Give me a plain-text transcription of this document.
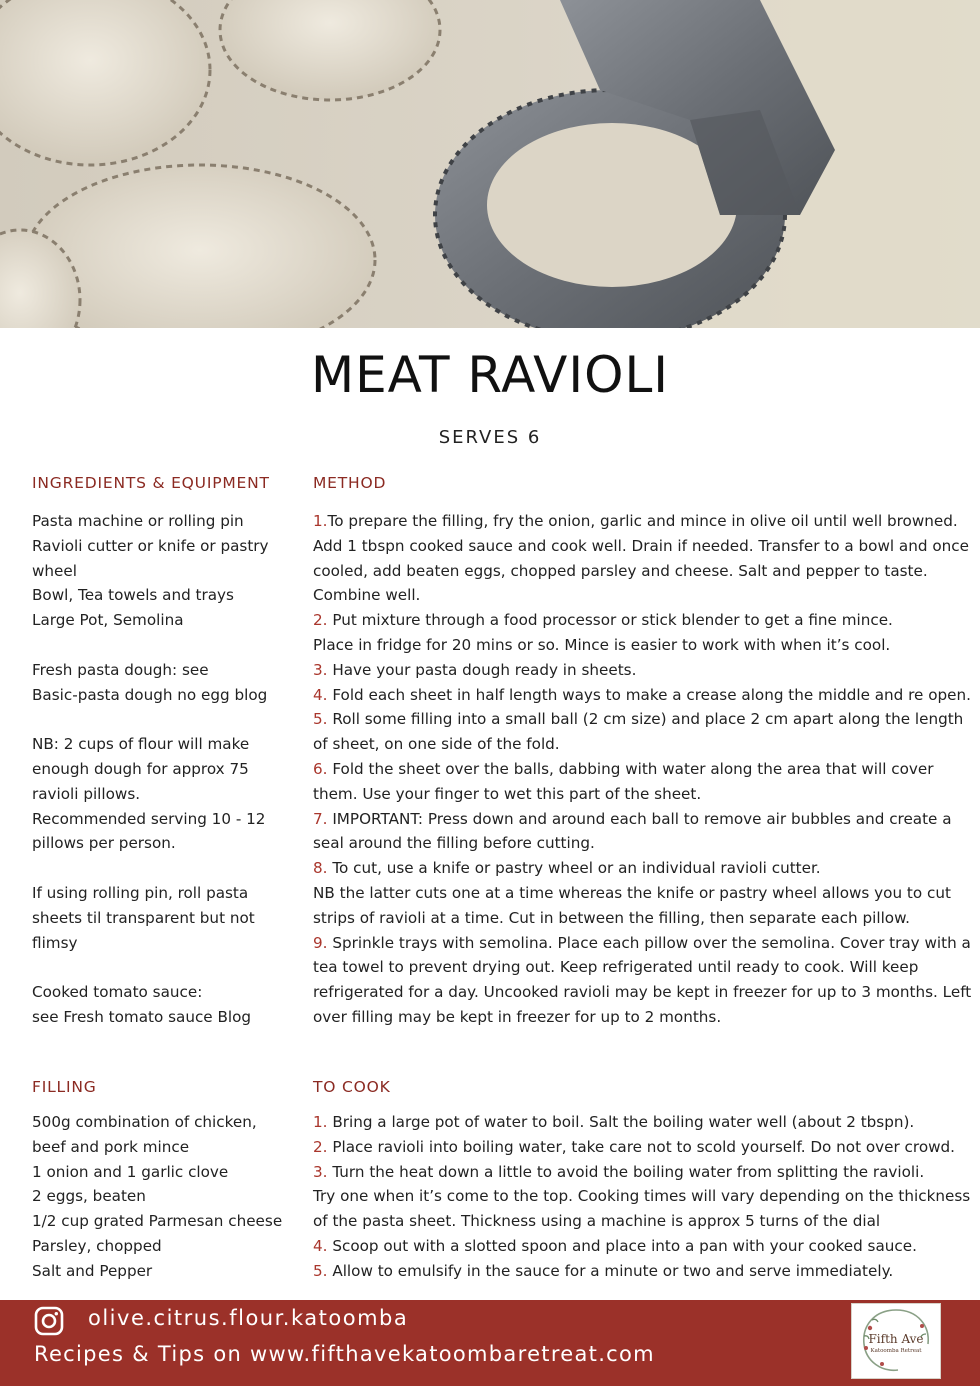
MEAT RAVIOLI
SERVES 6
INGREDIENTS & EQUIPMENT

Pasta machine or rolling pin
Ravioli cutter or knife or pastry wheel
Bowl, Tea towels and trays
Large Pot, Semolina

Fresh pasta dough: see
Basic-pasta dough no egg blog

NB: 2 cups of flour will make enough dough for approx 75 ravioli pillows.
Recommended serving 10 - 12 pillows per person.

If using rolling pin, roll pasta sheets til transparent but not flimsy

Cooked tomato sauce:
see Fresh tomato sauce Blog

FILLING
500g combination of chicken, beef and pork mince
1 onion and 1 garlic clove
2 eggs, beaten
1/2 cup grated Parmesan cheese
Parsley, chopped
Salt and Pepper
METHOD

1.To prepare the filling, fry the onion, garlic and mince in olive oil until well browned. Add 1 tbspn cooked sauce and cook well. Drain if needed. Transfer to a bowl and once cooled, add beaten eggs, chopped parsley and cheese. Salt and pepper to taste. Combine well.

2. Put mixture through a food processor or stick blender to get a fine mince.
Place in fridge for 20 mins or so. Mince is easier to work with when it’s cool.

3. Have your pasta dough ready in sheets.

4. Fold each sheet in half length ways to make a crease along the middle and re open.

5. Roll some filling into a small ball (2 cm size) and place 2 cm apart along the length of sheet, on one side of the fold.

6. Fold the sheet over the balls, dabbing with water along the area that will cover them. Use your finger to wet this part of the sheet.

7. IMPORTANT: Press down and around each ball to remove air bubbles and create a seal around the filling before cutting.

8. To cut, use a knife or pastry wheel or an individual ravioli cutter.
NB the latter cuts one at a time whereas the knife or pastry wheel allows you to cut strips of ravioli at a time. Cut in between the filling, then separate each pillow.

9. Sprinkle trays with semolina. Place each pillow over the semolina. Cover tray with a tea towel to prevent drying out. Keep refrigerated until ready to cook. Will keep refrigerated for a day. Uncooked ravioli may be kept in freezer for up to 3 months. Left over filling may be kept in freezer for up to 2 months.

TO COOK

1. Bring a large pot of water to boil. Salt the boiling water well (about 2 tbspn).

2. Place ravioli into boiling water, take care not to scold yourself. Do not over crowd.

3. Turn the heat down a little to avoid the boiling water from splitting the ravioli.
Try one when it’s come to the top. Cooking times will vary depending on the thickness of the pasta sheet. Thickness using a machine is approx 5 turns of the dial

4. Scoop out with a slotted spoon and place into a pan with your cooked sauce.

5. Allow to emulsify in the sauce for a minute or two and serve immediately.

olive.citrus.flour.katoomba
Recipes & Tips on www.fifthavekatoombaretreat.com
Fifth Ave
Katoomba Retreat
